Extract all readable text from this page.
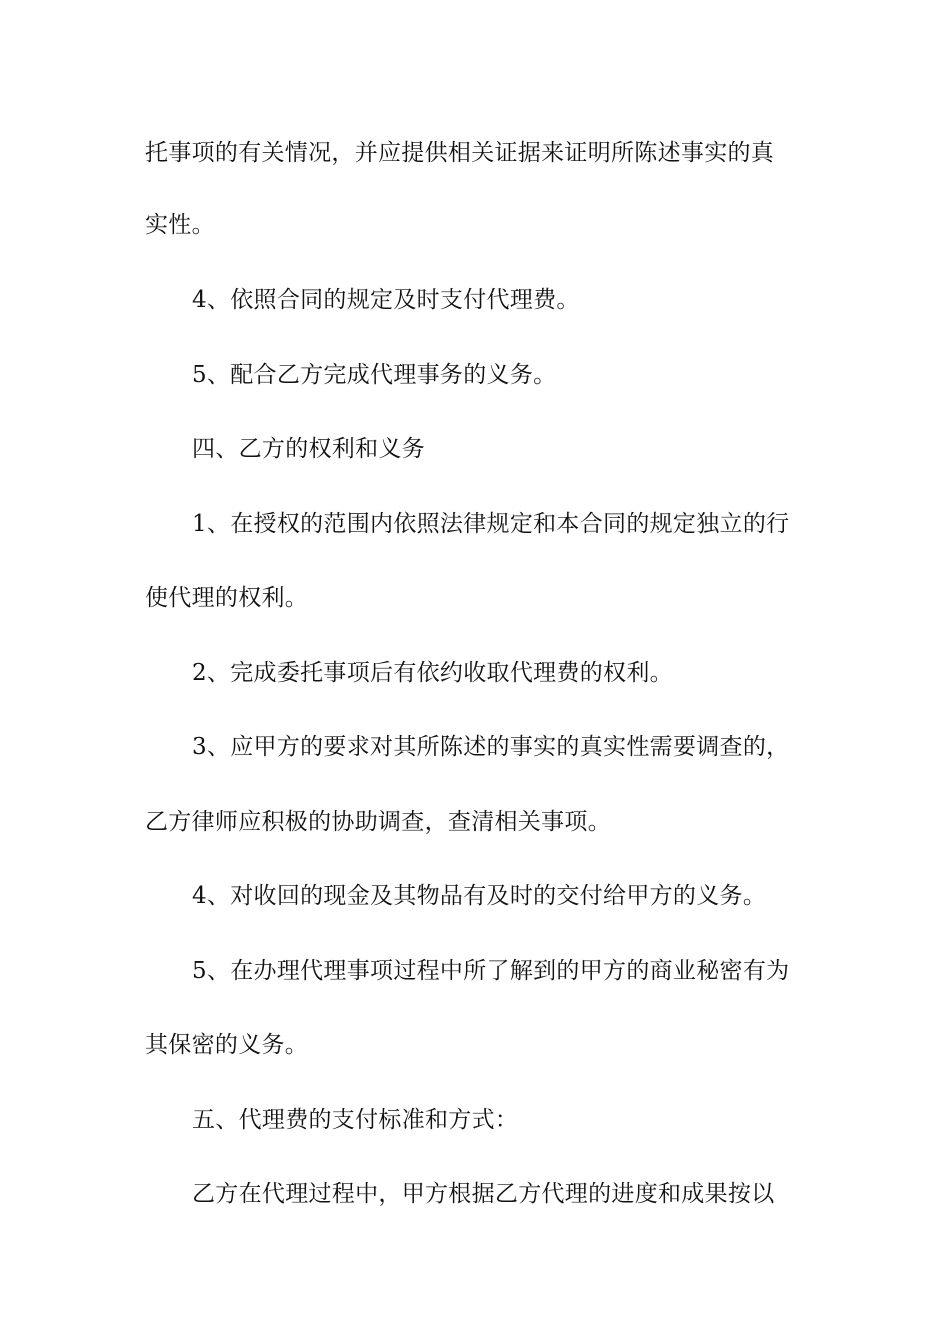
托事项的有关情况，并应提供相关证据来证明所陈述事实的真
实性。
4、依照合同的规定及时支付代理费。
5、配合乙方完成代理事务的义务。
四、乙方的权利和义务
1、在授权的范围内依照法律规定和本合同的规定独立的行
使代理的权利。
2、完成委托事项后有依约收取代理费的权利。
3、应甲方的要求对其所陈述的事实的真实性需要调查的，
乙方律师应积极的协助调查，查清相关事项。
4、对收回的现金及其物品有及时的交付给甲方的义务。
5、在办理代理事项过程中所了解到的甲方的商业秘密有为
其保密的义务。
五、代理费的支付标准和方式：
乙方在代理过程中，甲方根据乙方代理的进度和成果按以
